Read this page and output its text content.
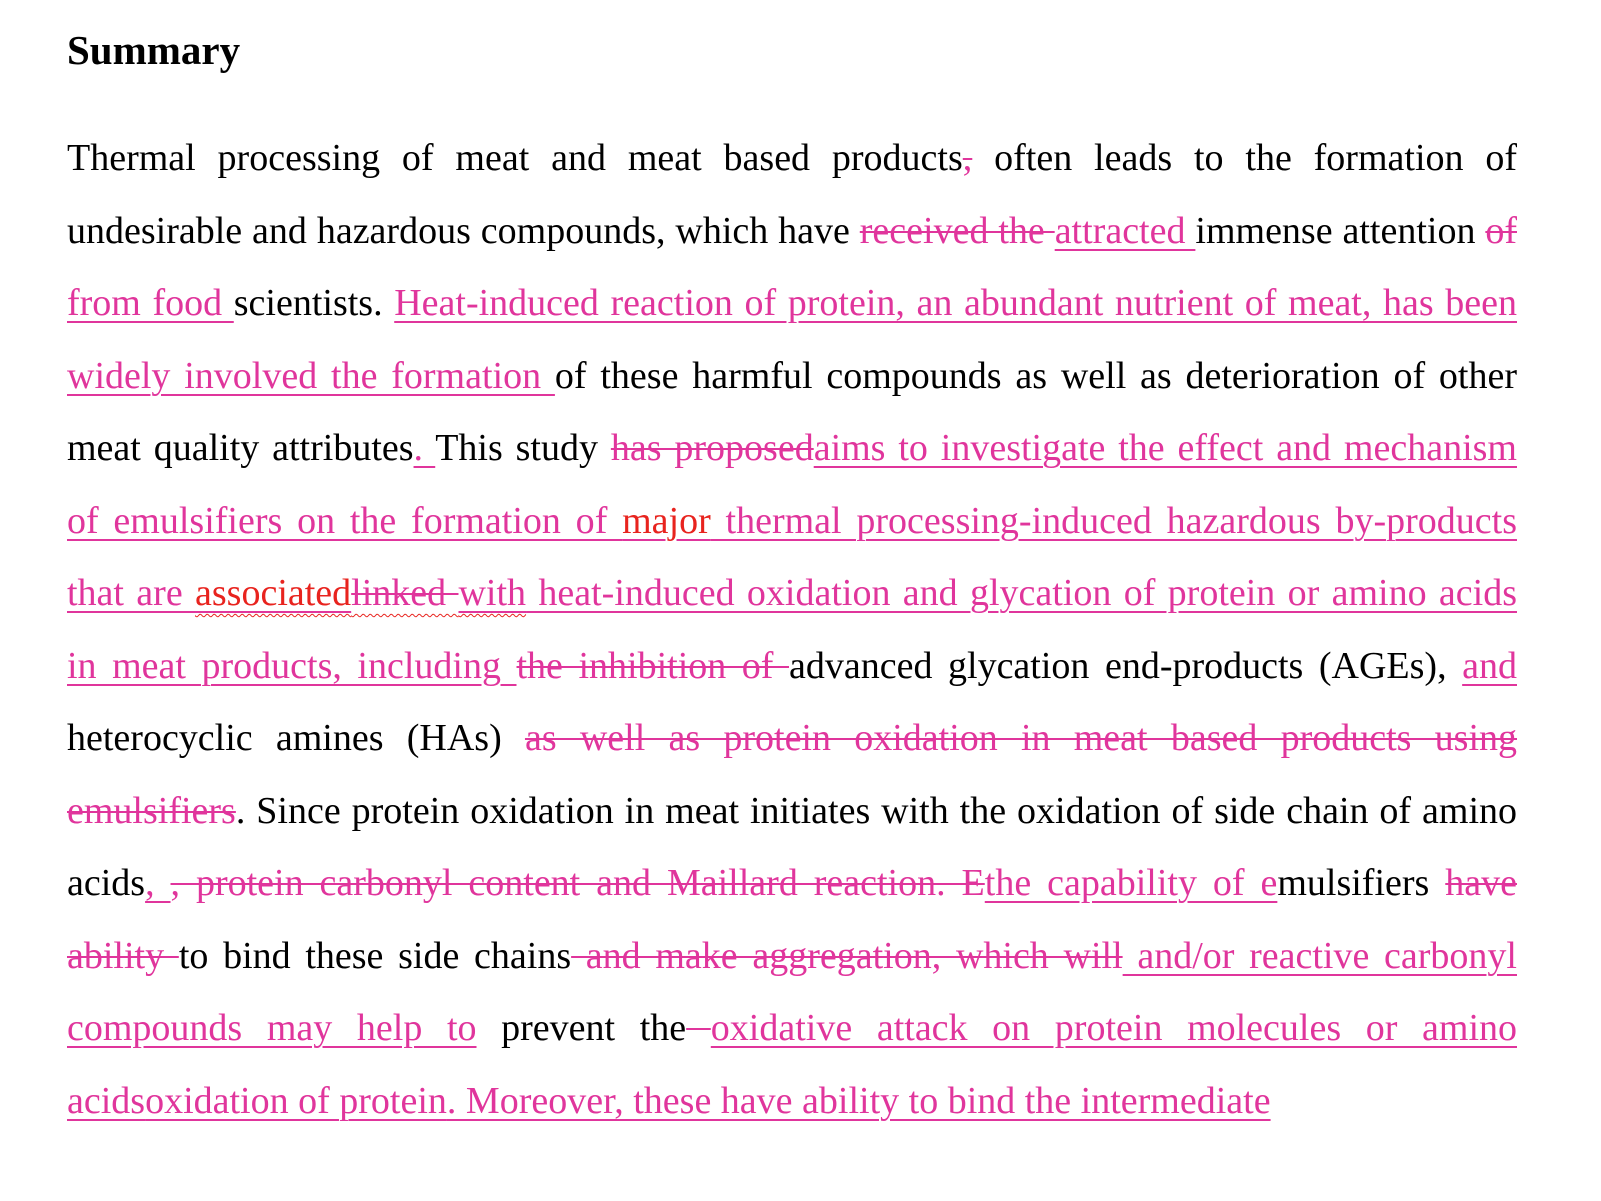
Summary

Thermal processing of meat and meat based products, often leads to the formation of undesirable and hazardous compounds, which have received the attracted immense attention of from food scientists. Heat-induced reaction of protein, an abundant nutrient of meat, has been widely involved the formation of these harmful compounds as well as deterioration of other meat quality attributes. This study has proposedaims to investigate the effect and mechanism of emulsifiers on the formation of major thermal processing-induced hazardous by-products that are associatedlinked with heat-induced oxidation and glycation of protein or amino acids in meat products, including the inhibition of advanced glycation end-products (AGEs), and heterocyclic amines (HAs) as well as protein oxidation in meat based products using emulsifiers. Since protein oxidation in meat initiates with the oxidation of side chain of amino acids, , protein carbonyl content and Maillard reaction. Ethe capability of emulsifiers have ability to bind these side chains and make aggregation, which will and/or reactive carbonyl compounds may help to prevent the oxidative attack on protein molecules or amino acidsoxidation of protein. Moreover, these have ability to bind the intermediate
